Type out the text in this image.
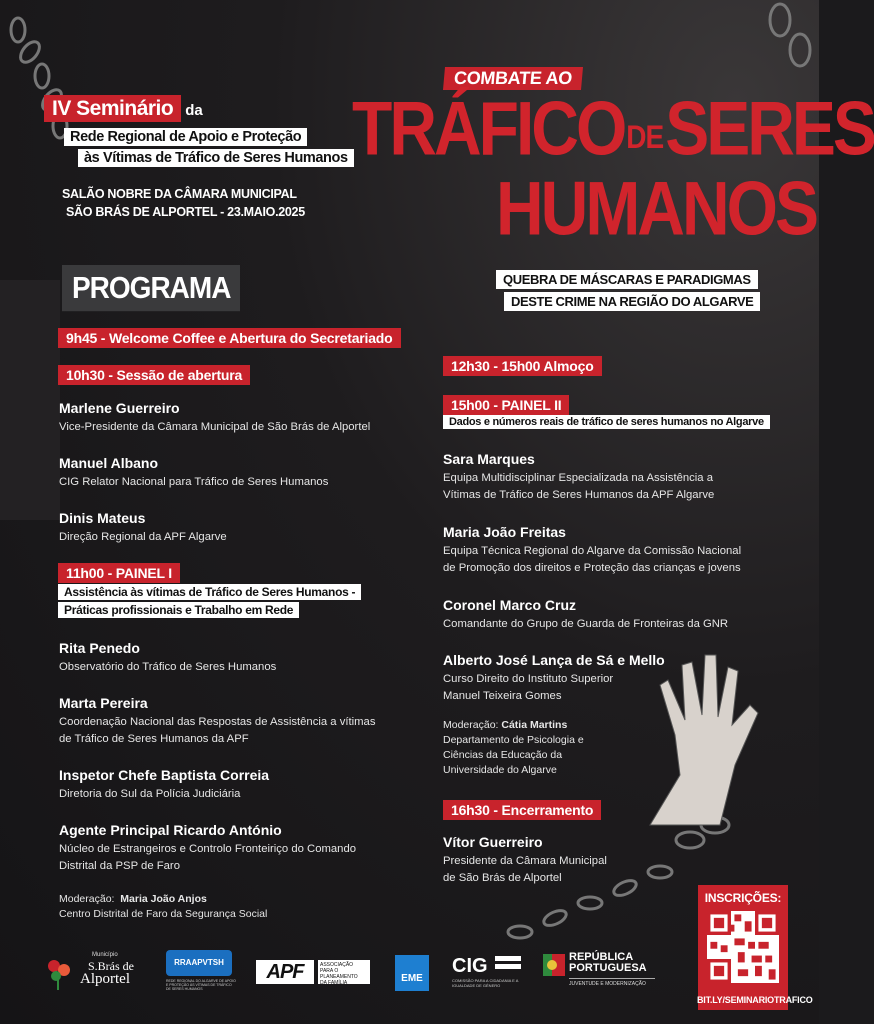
IV Seminário da
Rede Regional de Apoio e Proteção
às Vítimas de Tráfico de Seres Humanos
SALÃO NOBRE DA CÂMARA MUNICIPAL
SÃO BRÁS DE ALPORTEL - 23.MAIO.2025
COMBATE AO
TRÁFICODESERES
HUMANOS
QUEBRA DE MÁSCARAS E PARADIGMAS
DESTE CRIME NA REGIÃO DO ALGARVE
PROGRAMA
9h45 - Welcome Coffee e Abertura do Secretariado
10h30 - Sessão de abertura
Marlene Guerreiro
Vice-Presidente da Câmara Municipal de São Brás de Alportel
Manuel Albano
CIG Relator Nacional para Tráfico de Seres Humanos
Dinis Mateus
Direção Regional da APF Algarve
11h00 - PAINEL I
Assistência às vítimas de Tráfico de Seres Humanos -
Práticas profissionais e Trabalho em Rede
Rita Penedo
Observatório do Tráfico de Seres Humanos
Marta Pereira
Coordenação Nacional das Respostas de Assistência a vítimas
de Tráfico de Seres Humanos da APF
Inspetor Chefe Baptista Correia
Diretoria do Sul da Polícia Judiciária
Agente Principal Ricardo António
Núcleo de Estrangeiros e Controlo Fronteiriço do Comando
Distrital da PSP de Faro
Moderação: Maria João Anjos
Centro Distrital de Faro da Segurança Social
12h30 - 15h00 Almoço
15h00 - PAINEL II
Dados e números reais de tráfico de seres humanos no Algarve
Sara Marques
Equipa Multidisciplinar Especializada na Assistência a
Vítimas de Tráfico de Seres Humanos da APF Algarve
Maria João Freitas
Equipa Técnica Regional do Algarve da Comissão Nacional
de Promoção dos direitos e Proteção das crianças e jovens
Coronel Marco Cruz
Comandante do Grupo de Guarda de Fronteiras da GNR
Alberto José Lança de Sá e Mello
Curso Direito do Instituto Superior
Manuel Teixeira Gomes
Moderação: Cátia Martins
Departamento de Psicologia e
Ciências da Educação da
Universidade do Algarve
16h30 - Encerramento
Vítor Guerreiro
Presidente da Câmara Municipal
de São Brás de Alportel
Município
S.Brás de
Alportel
RRAAPVTSH
REDE REGIONAL DO ALGARVE DE APOIO E PROTEÇÃO ÀS VÍTIMAS DE TRÁFICO DE SERES HUMANOS
APF	ASSOCIAÇÃO
PARA O PLANEAMENTO
DA FAMÍLIA	EME
CIG
COMISSÃO PARA A CIDADANIA E A IGUALDADE DE GÉNERO
REPÚBLICA
PORTUGUESA
JUVENTUDE E MODERNIZAÇÃO
INSCRIÇÕES:
BIT.LY/SEMINARIOTRAFICO
